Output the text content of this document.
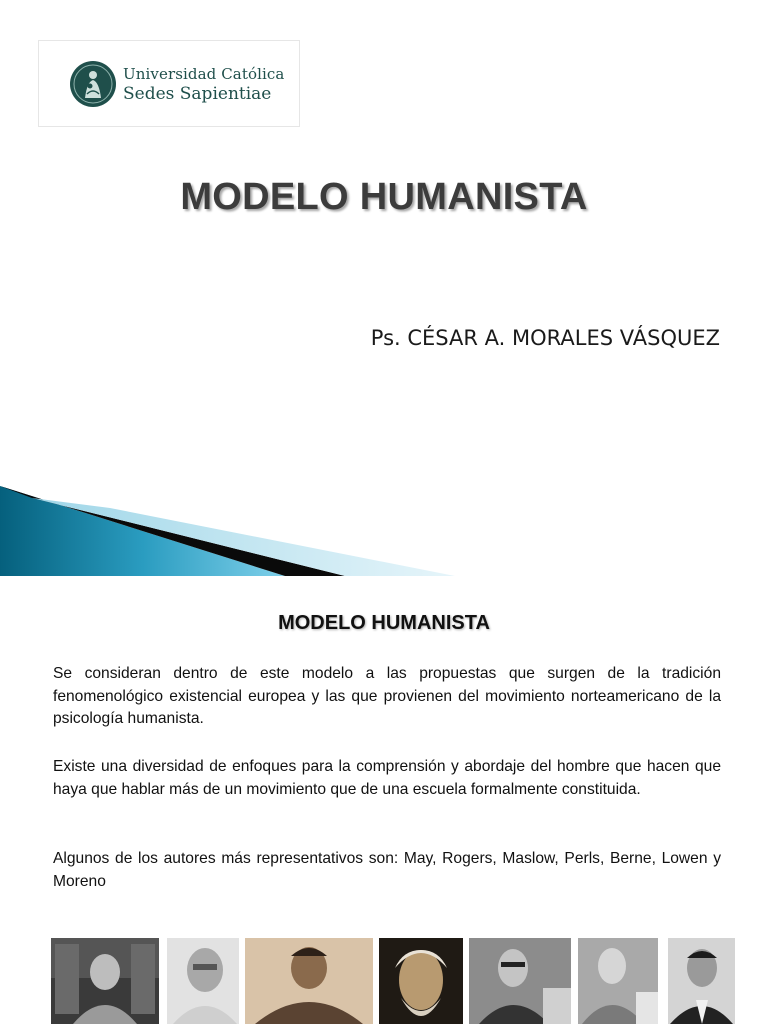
Universidad Católica
Sedes Sapientiae
MODELO HUMANISTA
Ps. CÉSAR A. MORALES VÁSQUEZ
MODELO HUMANISTA

Se consideran dentro de este modelo a las propuestas que surgen de la tradición fenomenológico existencial europea y las que provienen del movimiento norteamericano de la psicología humanista.

Existe una diversidad de enfoques para la comprensión y abordaje del hombre que hacen que haya que hablar más de un movimiento que de una escuela formalmente constituida.

Algunos de los autores más representativos son: May, Rogers, Maslow, Perls, Berne, Lowen y Moreno
